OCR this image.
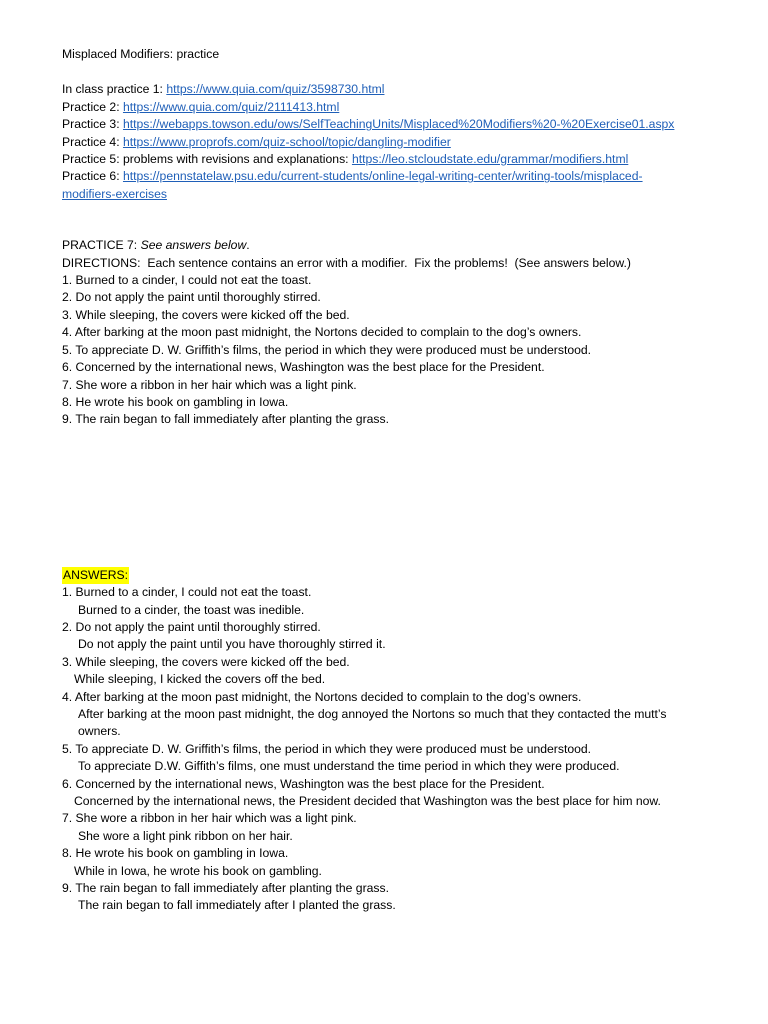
Misplaced Modifiers: practice
In class practice 1: https://www.quia.com/quiz/3598730.html
Practice 2: https://www.quia.com/quiz/2111413.html
Practice 3: https://webapps.towson.edu/ows/SelfTeachingUnits/Misplaced%20Modifiers%20-%20Exercise01.aspx
Practice 4: https://www.proprofs.com/quiz-school/topic/dangling-modifier
Practice 5: problems with revisions and explanations: https://leo.stcloudstate.edu/grammar/modifiers.html
Practice 6: https://pennstatelaw.psu.edu/current-students/online-legal-writing-center/writing-tools/misplaced-
modifiers-exercises
PRACTICE 7: See answers below.
DIRECTIONS:  Each sentence contains an error with a modifier.  Fix the problems!  (See answers below.)
1. Burned to a cinder, I could not eat the toast.
2. Do not apply the paint until thoroughly stirred.
3. While sleeping, the covers were kicked off the bed.
4. After barking at the moon past midnight, the Nortons decided to complain to the dog’s owners.
5. To appreciate D. W. Griffith’s films, the period in which they were produced must be understood.
6. Concerned by the international news, Washington was the best place for the President.
7. She wore a ribbon in her hair which was a light pink.
8. He wrote his book on gambling in Iowa.
9. The rain began to fall immediately after planting the grass.
ANSWERS:
1. Burned to a cinder, I could not eat the toast.
Burned to a cinder, the toast was inedible.
2. Do not apply the paint until thoroughly stirred.
Do not apply the paint until you have thoroughly stirred it.
3. While sleeping, the covers were kicked off the bed.
While sleeping, I kicked the covers off the bed.
4. After barking at the moon past midnight, the Nortons decided to complain to the dog’s owners.
After barking at the moon past midnight, the dog annoyed the Nortons so much that they contacted the mutt’s
owners.
5. To appreciate D. W. Griffith’s films, the period in which they were produced must be understood.
To appreciate D.W. Giffith’s films, one must understand the time period in which they were produced.
6. Concerned by the international news, Washington was the best place for the President.
Concerned by the international news, the President decided that Washington was the best place for him now.
7. She wore a ribbon in her hair which was a light pink.
She wore a light pink ribbon on her hair.
8. He wrote his book on gambling in Iowa.
While in Iowa, he wrote his book on gambling.
9. The rain began to fall immediately after planting the grass.
The rain began to fall immediately after I planted the grass.
